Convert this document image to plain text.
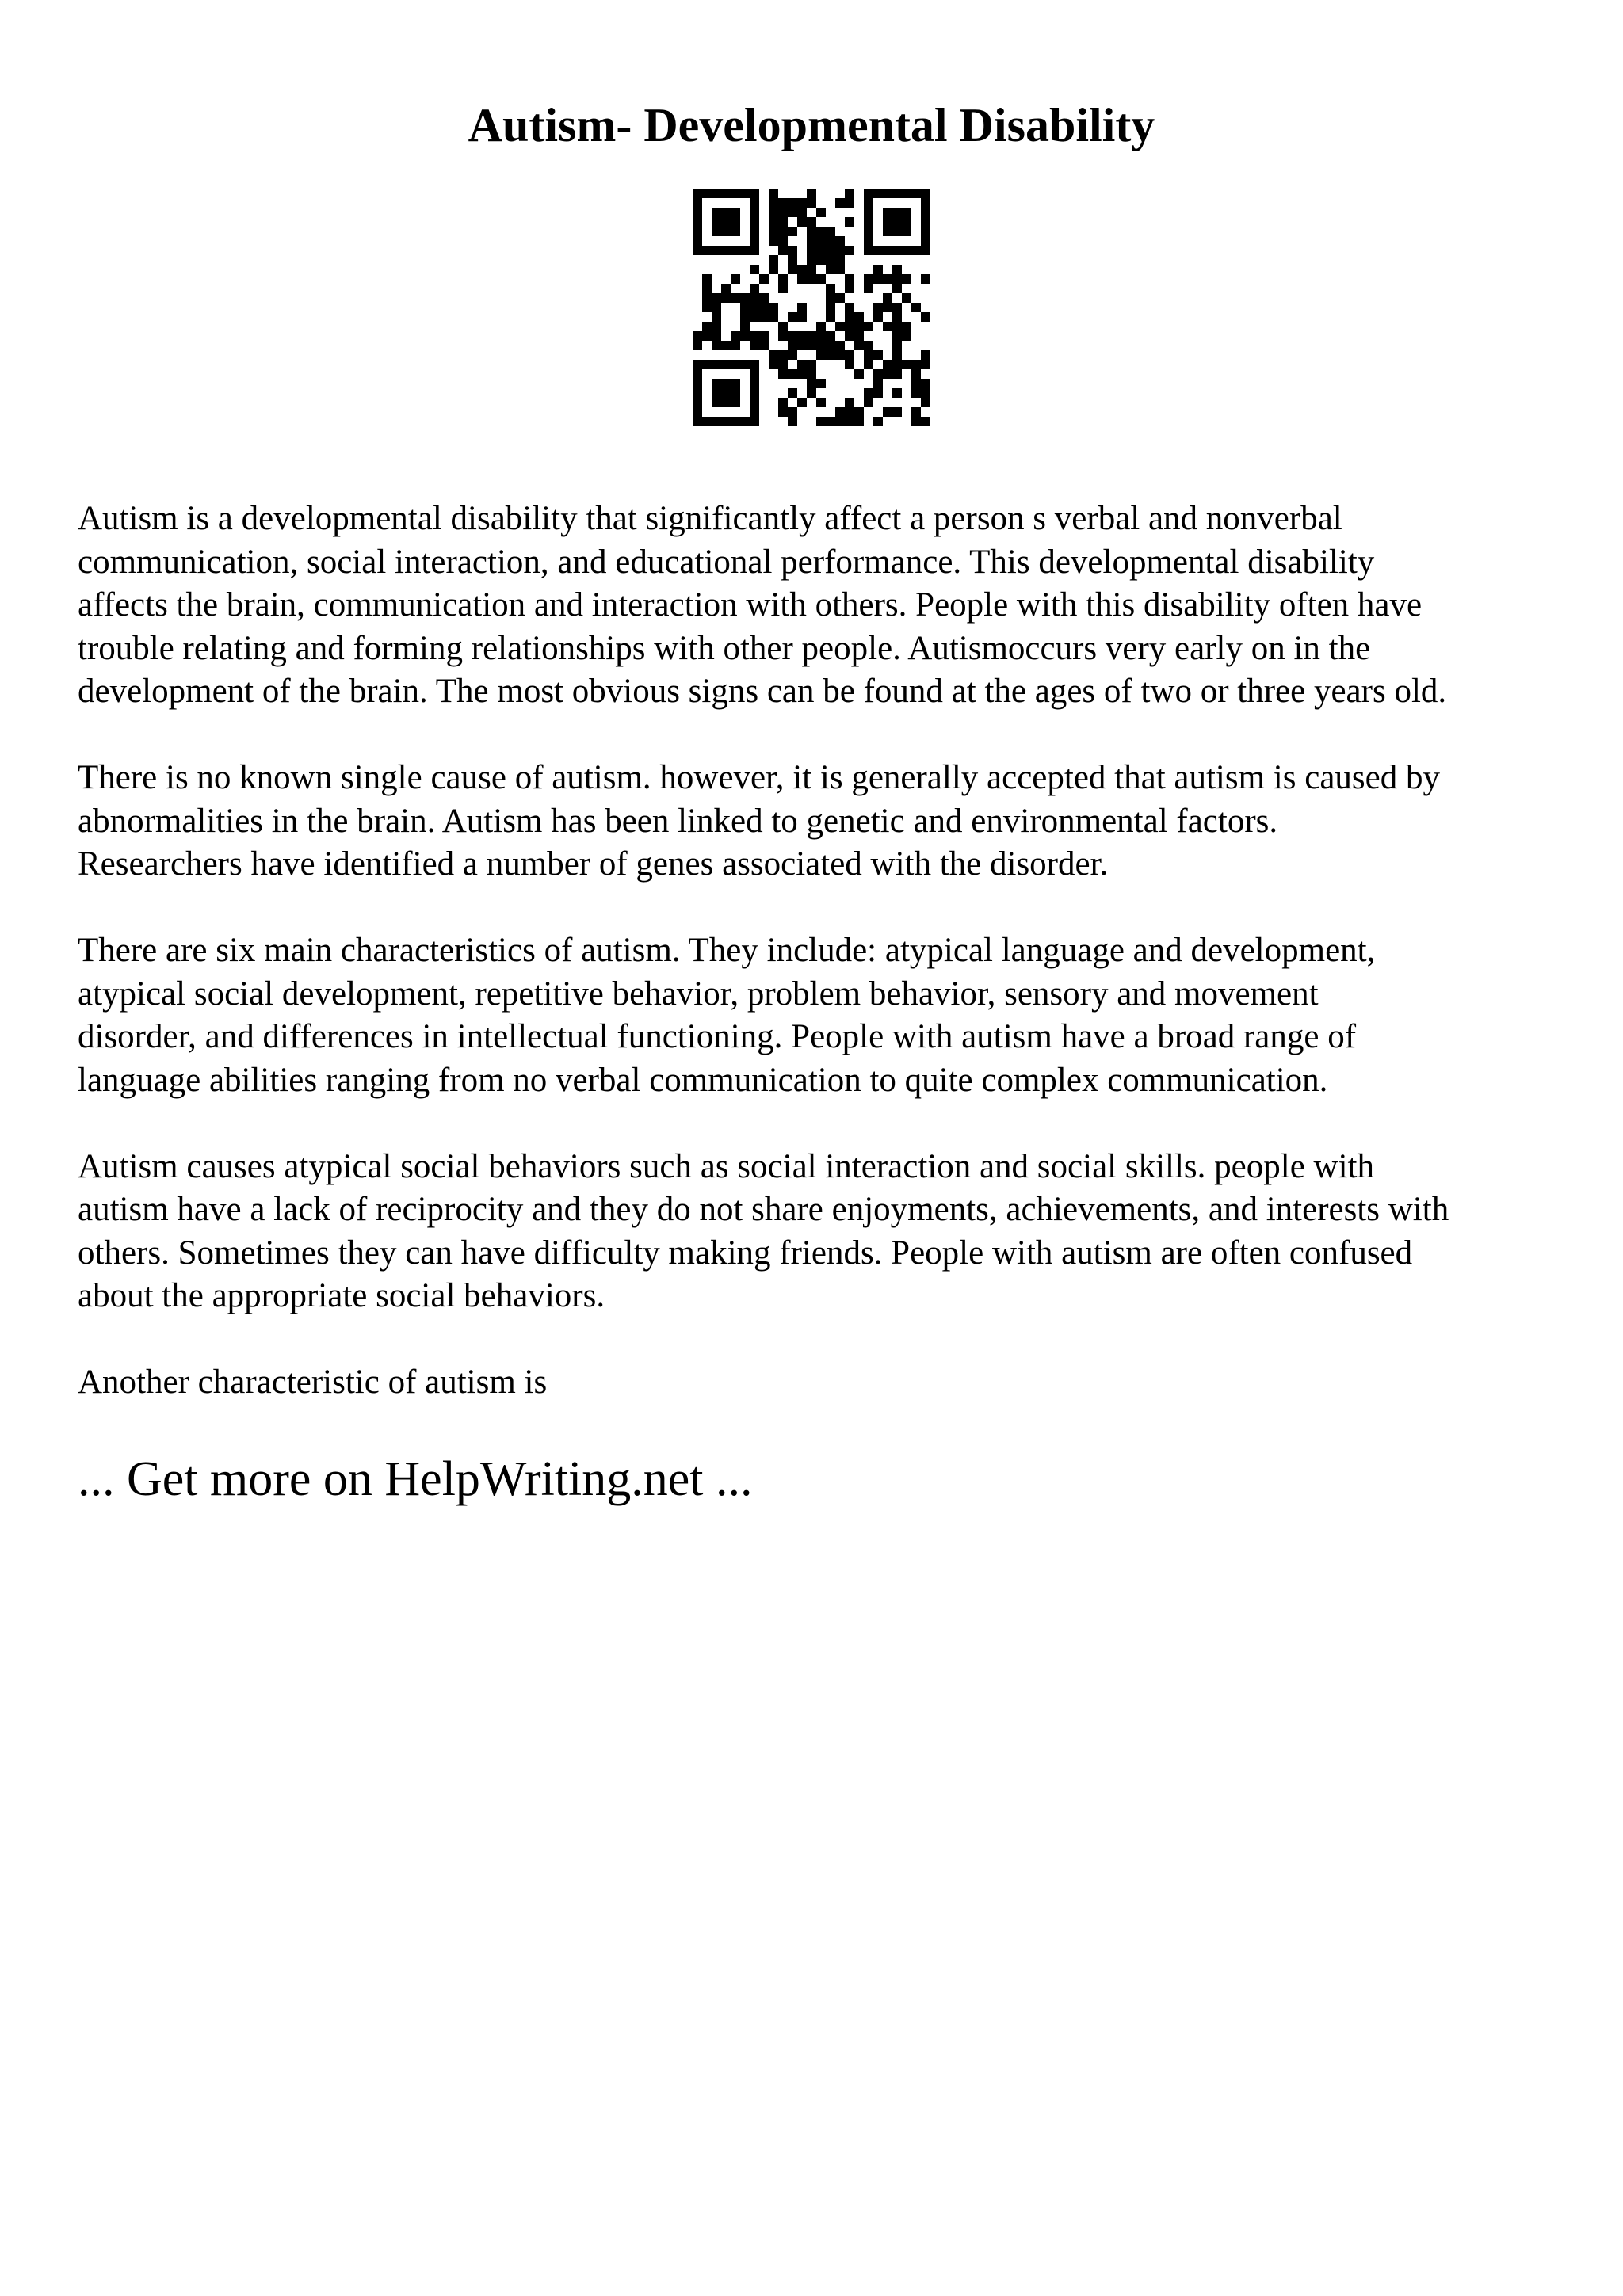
Autism- Developmental Disability

Autism is a developmental disability that significantly affect a person s verbal and nonverbal
communication, social interaction, and educational performance. This developmental disability
affects the brain, communication and interaction with others. People with this disability often have
trouble relating and forming relationships with other people. Autismoccurs very early on in the
development of the brain. The most obvious signs can be found at the ages of two or three years old.

There is no known single cause of autism. however, it is generally accepted that autism is caused by
abnormalities in the brain. Autism has been linked to genetic and environmental factors.
Researchers have identified a number of genes associated with the disorder.

There are six main characteristics of autism. They include: atypical language and development,
atypical social development, repetitive behavior, problem behavior, sensory and movement
disorder, and differences in intellectual functioning. People with autism have a broad range of
language abilities ranging from no verbal communication to quite complex communication.

Autism causes atypical social behaviors such as social interaction and social skills. people with
autism have a lack of reciprocity and they do not share enjoyments, achievements, and interests with
others. Sometimes they can have difficulty making friends. People with autism are often confused
about the appropriate social behaviors.

Another characteristic of autism is

... Get more on HelpWriting.net ...
